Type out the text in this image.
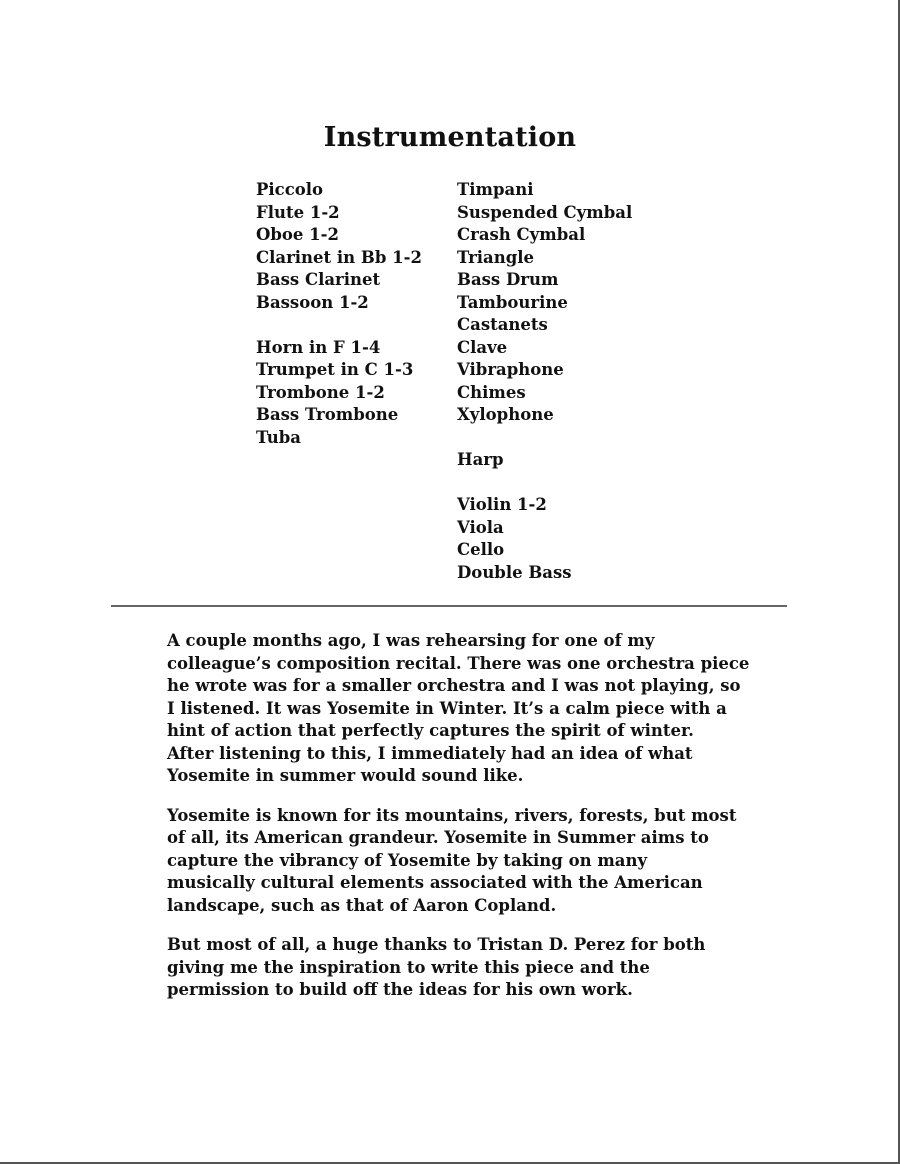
Instrumentation
Piccolo
Flute 1-2
Oboe 1-2
Clarinet in Bb 1-2
Bass Clarinet
Bassoon 1-2
Horn in F 1-4
Trumpet in C 1-3
Trombone 1-2
Bass Trombone
Tuba
Timpani
Suspended Cymbal
Crash Cymbal
Triangle
Bass Drum
Tambourine
Castanets
Clave
Vibraphone
Chimes
Xylophone
Harp
Violin 1-2
Viola
Cello
Double Bass

A couple months ago, I was rehearsing for one of my
colleague’s composition recital. There was one orchestra piece
he wrote was for a smaller orchestra and I was not playing, so
I listened. It was Yosemite in Winter. It’s a calm piece with a
hint of action that perfectly captures the spirit of winter.
After listening to this, I immediately had an idea of what
Yosemite in summer would sound like.

Yosemite is known for its mountains, rivers, forests, but most
of all, its American grandeur. Yosemite in Summer aims to
capture the vibrancy of Yosemite by taking on many
musically cultural elements associated with the American
landscape, such as that of Aaron Copland.

But most of all, a huge thanks to Tristan D. Perez for both
giving me the inspiration to write this piece and the
permission to build off the ideas for his own work.
